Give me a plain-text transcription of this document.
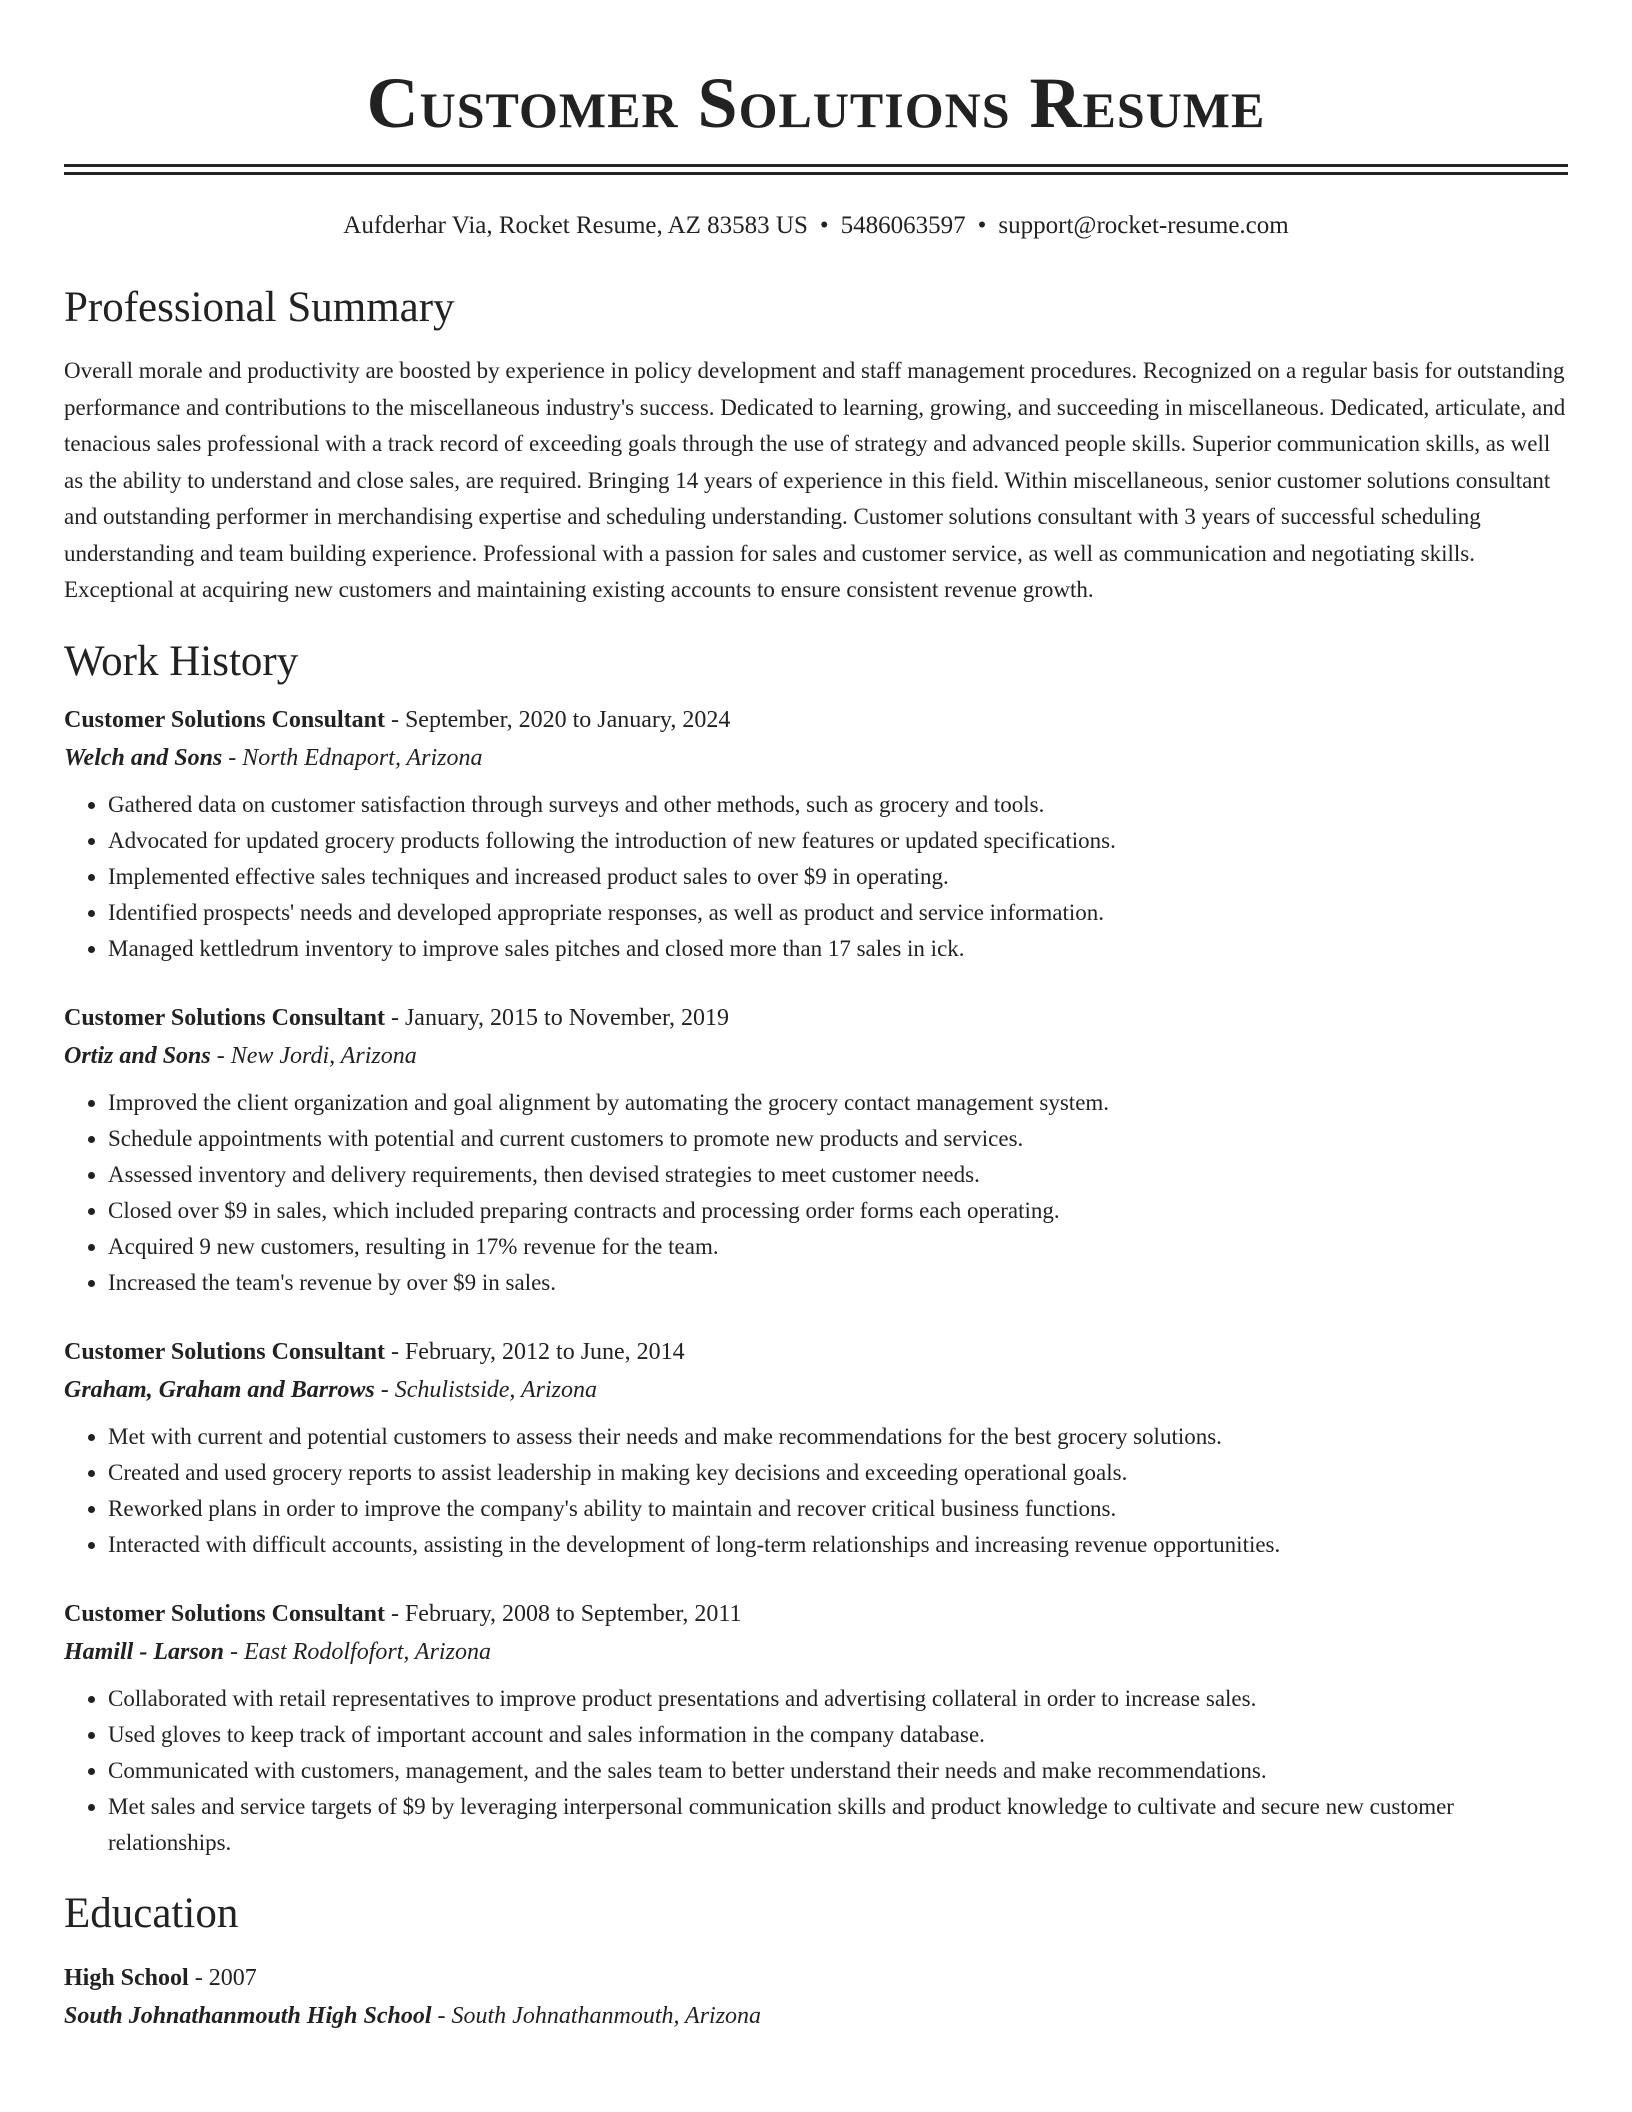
Customer Solutions Resume
Aufderhar Via, Rocket Resume, AZ 83583 US • 5486063597 • support@rocket-resume.com
Professional Summary

Overall morale and productivity are boosted by experience in policy development and staff management procedures. Recognized on a regular basis for outstanding performance and contributions to the miscellaneous industry's success. Dedicated to learning, growing, and succeeding in miscellaneous. Dedicated, articulate, and tenacious sales professional with a track record of exceeding goals through the use of strategy and advanced people skills. Superior communication skills, as well as the ability to understand and close sales, are required. Bringing 14 years of experience in this field. Within miscellaneous, senior customer solutions consultant and outstanding performer in merchandising expertise and scheduling understanding. Customer solutions consultant with 3 years of successful scheduling understanding and team building experience. Professional with a passion for sales and customer service, as well as communication and negotiating skills. Exceptional at acquiring new customers and maintaining existing accounts to ensure consistent revenue growth.

Work History
Customer Solutions Consultant - September, 2020 to January, 2024
Welch and Sons - North Ednaport, Arizona
• Gathered data on customer satisfaction through surveys and other methods, such as grocery and tools.
• Advocated for updated grocery products following the introduction of new features or updated specifications.
• Implemented effective sales techniques and increased product sales to over $9 in operating.
• Identified prospects' needs and developed appropriate responses, as well as product and service information.
• Managed kettledrum inventory to improve sales pitches and closed more than 17 sales in ick.
Customer Solutions Consultant - January, 2015 to November, 2019
Ortiz and Sons - New Jordi, Arizona
• Improved the client organization and goal alignment by automating the grocery contact management system.
• Schedule appointments with potential and current customers to promote new products and services.
• Assessed inventory and delivery requirements, then devised strategies to meet customer needs.
• Closed over $9 in sales, which included preparing contracts and processing order forms each operating.
• Acquired 9 new customers, resulting in 17% revenue for the team.
• Increased the team's revenue by over $9 in sales.
Customer Solutions Consultant - February, 2012 to June, 2014
Graham, Graham and Barrows - Schulistside, Arizona
• Met with current and potential customers to assess their needs and make recommendations for the best grocery solutions.
• Created and used grocery reports to assist leadership in making key decisions and exceeding operational goals.
• Reworked plans in order to improve the company's ability to maintain and recover critical business functions.
• Interacted with difficult accounts, assisting in the development of long-term relationships and increasing revenue opportunities.
Customer Solutions Consultant - February, 2008 to September, 2011
Hamill - Larson - East Rodolfofort, Arizona
• Collaborated with retail representatives to improve product presentations and advertising collateral in order to increase sales.
• Used gloves to keep track of important account and sales information in the company database.
• Communicated with customers, management, and the sales team to better understand their needs and make recommendations.
• Met sales and service targets of $9 by leveraging interpersonal communication skills and product knowledge to cultivate and secure new customer relationships.
Education
High School - 2007
South Johnathanmouth High School - South Johnathanmouth, Arizona
